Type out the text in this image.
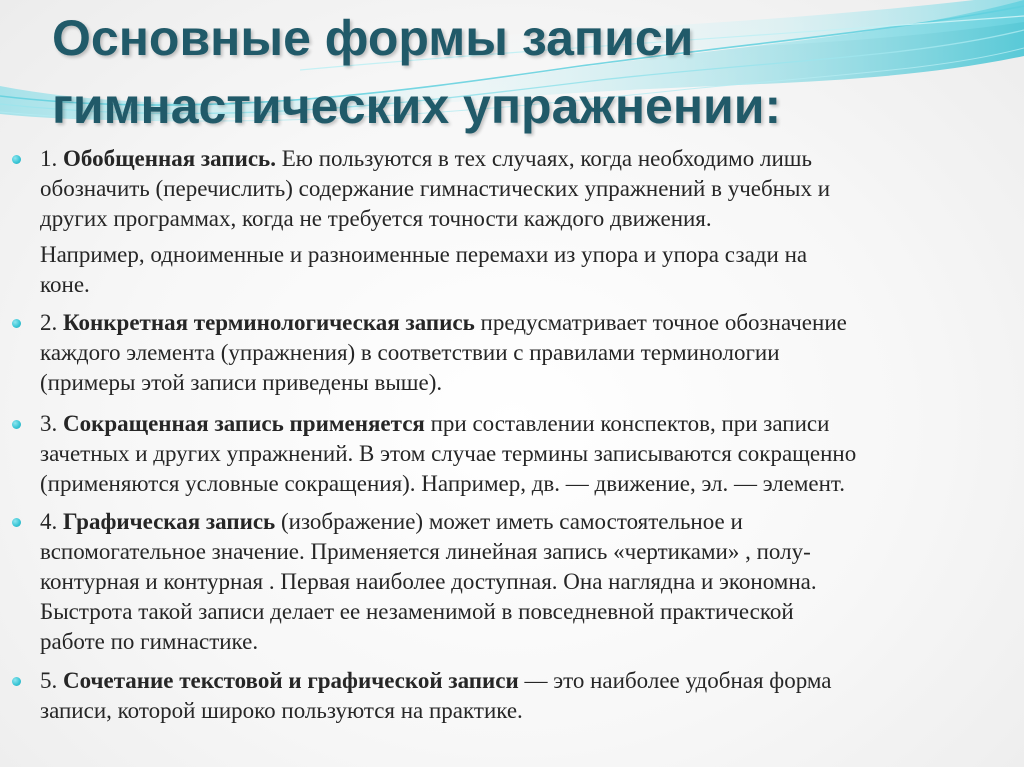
Основные формы записи
гимнастических упражнении:
1. Обобщенная запись. Ею пользуются в тех случаях, когда необходимо лишь
обозначить (перечислить) содержание гимнастических упражнений в учебных и
других программах, когда не требуется точности каждого движения.
Например, одноименные и разноименные перемахи из упора и упора сзади на
коне.
2. Конкретная терминологическая запись предусматривает точное обозначение
каждого элемента (упражнения) в соответствии с правилами терминологии
(примеры этой записи приведены выше).
3. Сокращенная запись применяется при составлении конспектов, при записи
зачетных и других упражнений. В этом случае термины записываются сокращенно
(применяются условные сокращения). Например, дв. — движение, эл. — элемент.
4. Графическая запись (изображение) может иметь самостоятельное и
вспомогательное значение. Применяется линейная запись «чертиками» , полу-
контурная и контурная . Первая наиболее доступная. Она наглядна и экономна.
Быстрота такой записи делает ее незаменимой в повседневной практической
работе по гимнастике.
5. Сочетание текстовой и графической записи — это наиболее удобная форма
записи, которой широко пользуются на практике.
